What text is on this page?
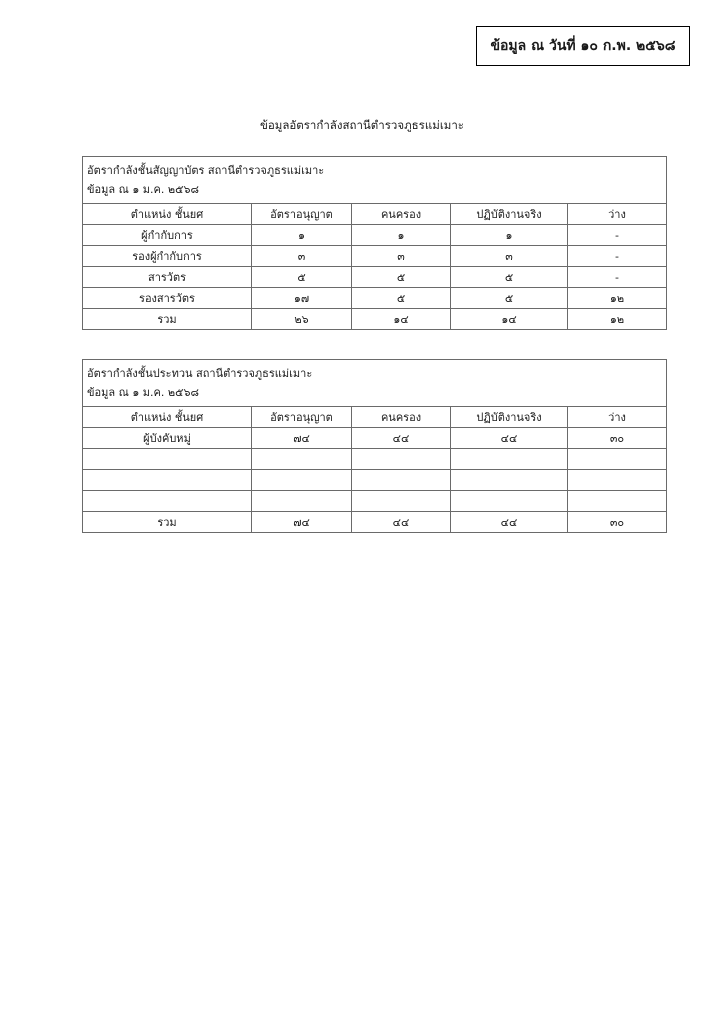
ข้อมูล ณ วันที่ ๑๐ ก.พ. ๒๕๖๘
ข้อมูลอัตรากำลังสถานีตำรวจภูธรแม่เมาะ
อัตรากำลังชั้นสัญญาบัตร สถานีตำรวจภูธรแม่เมาะ
ข้อมูล ณ ๑ ม.ค. ๒๕๖๘				

ตำแหน่ง ชั้นยศ	อัตราอนุญาต	คนครอง	ปฏิบัติงานจริง	ว่าง
ผู้กำกับการ	๑	๑	๑	-
รองผู้กำกับการ	๓	๓	๓	-
สารวัตร	๕	๕	๕	-
รองสารวัตร	๑๗	๕	๕	๑๒
รวม	๒๖	๑๔	๑๔	๑๒
อัตรากำลังชั้นประทวน สถานีตำรวจภูธรแม่เมาะ
ข้อมูล ณ ๑ ม.ค. ๒๕๖๘				

ตำแหน่ง ชั้นยศ	อัตราอนุญาต	คนครอง	ปฏิบัติงานจริง	ว่าง
ผู้บังคับหมู่	๗๔	๔๔	๔๔	๓๐

รวม	๗๔	๔๔	๔๔	๓๐
